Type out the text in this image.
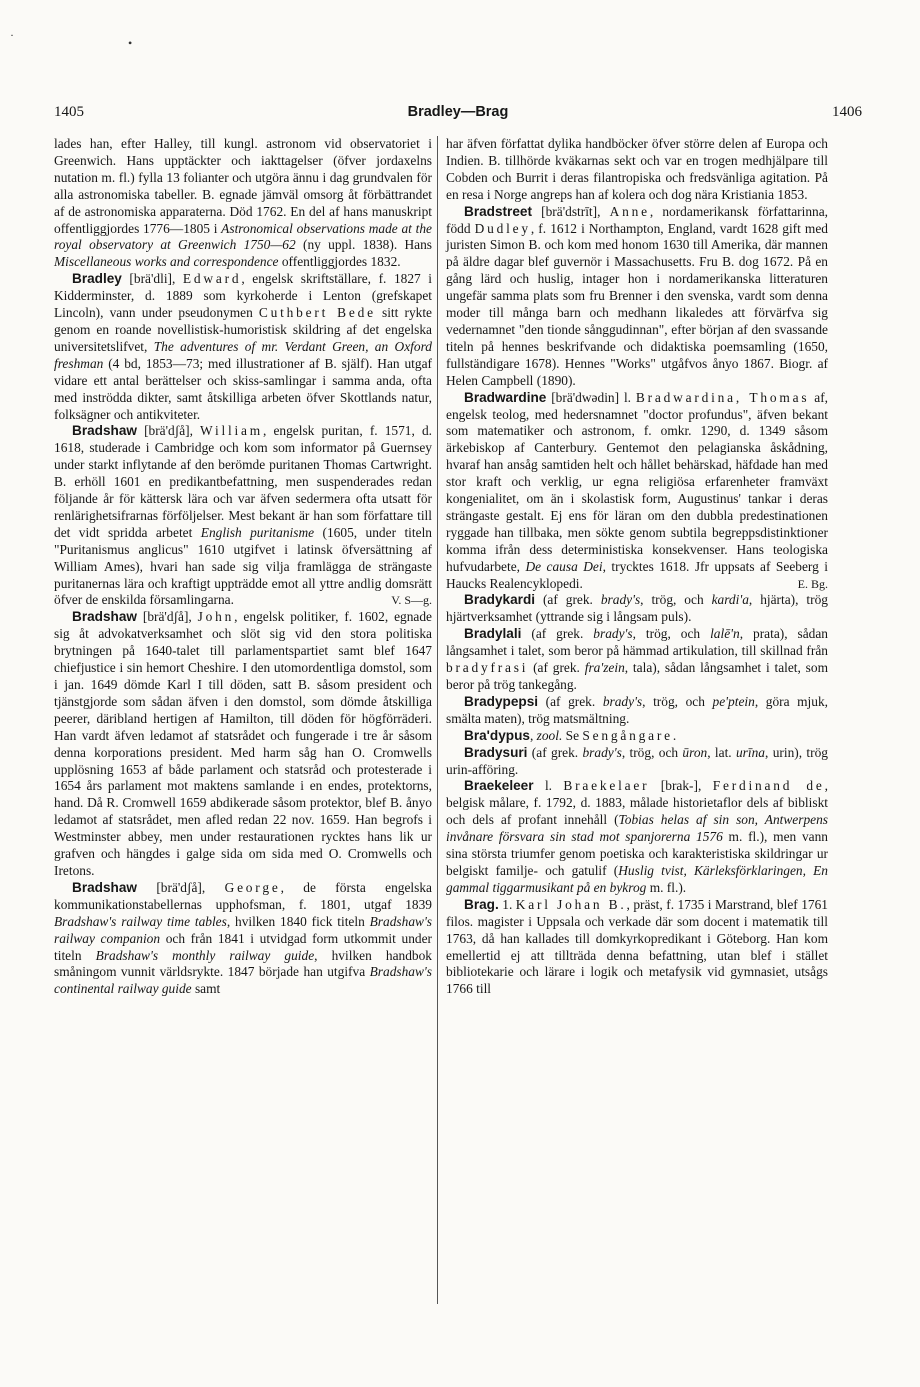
·
•
1405	Bradley—Brag	1406

lades han, efter Halley, till kungl. astronom vid observatoriet i Greenwich. Hans upptäckter och iakttagelser (öfver jordaxelns nutation m. fl.) fylla 13 folianter och utgöra ännu i dag grundvalen för alla astronomiska tabeller. B. egnade jämväl omsorg åt förbättrandet af de astronomiska apparaterna. Död 1762. En del af hans manuskript offentliggjordes 1776—1805 i Astronomical observations made at the royal observatory at Greenwich 1750—62 (ny uppl. 1838). Hans Miscellaneous works and correspondence offentliggjordes 1832.

Bradley [brä'dli], Edward, engelsk skriftställare, f. 1827 i Kidderminster, d. 1889 som kyrkoherde i Lenton (grefskapet Lincoln), vann under pseudonymen Cuthbert Bede sitt rykte genom en roande novellistisk-humoristisk skildring af det engelska universitetslifvet, The adventures of mr. Verdant Green, an Oxford freshman (4 bd, 1853—73; med illustrationer af B. själf). Han utgaf vidare ett antal berättelser och skiss-samlingar i samma anda, ofta med inströdda dikter, samt åtskilliga arbeten öfver Skottlands natur, folksägner och antikviteter.

Bradshaw [brä'dʃå], William, engelsk puritan, f. 1571, d. 1618, studerade i Cambridge och kom som informator på Guernsey under starkt inflytande af den berömde puritanen Thomas Cartwright. B. erhöll 1601 en predikantbefattning, men suspenderades redan följande år för kättersk lära och var äfven sedermera ofta utsatt för renlärighetsifrarnas förföljelser. Mest bekant är han som författare till det vidt spridda arbetet English puritanisme (1605, under titeln "Puritanismus anglicus" 1610 utgifvet i latinsk öfversättning af William Ames), hvari han sade sig vilja framlägga de strängaste puritanernas lära och kraftigt uppträdde emot all yttre andlig domsrätt öfver de enskilda församlingarna.	V. S—g.

Bradshaw [brä'dʃå], John, engelsk politiker, f. 1602, egnade sig åt advokatverksamhet och slöt sig vid den stora politiska brytningen på 1640-talet till parlamentspartiet samt blef 1647 chiefjustice i sin hemort Cheshire. I den utomordentliga domstol, som i jan. 1649 dömde Karl I till döden, satt B. såsom president och tjänstgjorde som sådan äfven i den domstol, som dömde åtskilliga peerer, däribland hertigen af Hamilton, till döden för högförräderi. Han vardt äfven ledamot af statsrådet och fungerade i tre år såsom denna korporations president. Med harm såg han O. Cromwells upplösning 1653 af både parlament och statsråd och protesterade i 1654 års parlament mot maktens samlande i en endes, protektorns, hand. Då R. Cromwell 1659 abdikerade såsom protektor, blef B. ånyo ledamot af statsrådet, men afled redan 22 nov. 1659. Han begrofs i Westminster abbey, men under restaurationen rycktes hans lik ur grafven och hängdes i galge sida om sida med O. Cromwells och Iretons.

Bradshaw [brä'dʃå], George, de första engelska kommunikationstabellernas upphofsman, f. 1801, utgaf 1839 Bradshaw's railway time tables, hvilken 1840 fick titeln Bradshaw's railway companion och från 1841 i utvidgad form utkommit under titeln Bradshaw's monthly railway guide, hvilken handbok småningom vunnit världsrykte. 1847 började han utgifva Bradshaw's continental railway guide samt

har äfven författat dylika handböcker öfver större delen af Europa och Indien. B. tillhörde kväkarnas sekt och var en trogen medhjälpare till Cobden och Burrit i deras filantropiska och fredsvänliga agitation. På en resa i Norge angreps han af kolera och dog nära Kristiania 1853.

Bradstreet [brä'dstrīt], Anne, nordamerikansk författarinna, född Dudley, f. 1612 i Northampton, England, vardt 1628 gift med juristen Simon B. och kom med honom 1630 till Amerika, där mannen på äldre dagar blef guvernör i Massachusetts. Fru B. dog 1672. På en gång lärd och huslig, intager hon i nordamerikanska litteraturen ungefär samma plats som fru Brenner i den svenska, vardt som denna moder till många barn och medhann likaledes att förvärfva sig vedernamnet "den tionde sånggudinnan", efter början af den svassande titeln på hennes beskrifvande och didaktiska poemsamling (1650, fullständigare 1678). Hennes "Works" utgåfvos ånyo 1867. Biogr. af Helen Campbell (1890).

Bradwardine [brä'dwədin] l. Bradwardina, Thomas af, engelsk teolog, med hedersnamnet "doctor profundus", äfven bekant som matematiker och astronom, f. omkr. 1290, d. 1349 såsom ärkebiskop af Canterbury. Gentemot den pelagianska åskådning, hvaraf han ansåg samtiden helt och hållet behärskad, häfdade han med stor kraft och verklig, ur egna religiösa erfarenheter framväxt kongenialitet, om än i skolastisk form, Augustinus' tankar i deras strängaste gestalt. Ej ens för läran om den dubbla predestinationen ryggade han tillbaka, men sökte genom subtila begreppsdistinktioner komma ifrån dess deterministiska konsekvenser. Hans teologiska hufvudarbete, De causa Dei, trycktes 1618. Jfr uppsats af Seeberg i Haucks Realencyklopedi.	E. Bg.

Bradykardi (af grek. brady's, trög, och kardi'a, hjärta), trög hjärtverksamhet (yttrande sig i långsam puls).

Bradylali (af grek. brady's, trög, och lalē'n, prata), sådan långsamhet i talet, som beror på hämmad artikulation, till skillnad från bradyfrasi (af grek. fra'zein, tala), sådan långsamhet i talet, som beror på trög tankegång.

Bradypepsi (af grek. brady's, trög, och pe'ptein, göra mjuk, smälta maten), trög matsmältning.

Bra'dypus, zool. Se Sengångare.

Bradysuri (af grek. brady's, trög, och ūron, lat. urīna, urin), trög urin-afföring.

Braekeleer l. Braekelaer [brak-], Ferdinand de, belgisk målare, f. 1792, d. 1883, målade historietaflor dels af bibliskt och dels af profant innehåll (Tobias helas af sin son, Antwerpens invånare försvara sin stad mot spanjorerna 1576 m. fl.), men vann sina största triumfer genom poetiska och karakteristiska skildringar ur belgiskt familje- och gatulif (Huslig tvist, Kärleksförklaringen, En gammal tiggarmusikant på en bykrog m. fl.).

Brag. 1. Karl Johan B., präst, f. 1735 i Marstrand, blef 1761 filos. magister i Uppsala och verkade där som docent i matematik till 1763, då han kallades till domkyrkopredikant i Göteborg. Han kom emellertid ej att tillträda denna befattning, utan blef i stället bibliotekarie och lärare i logik och metafysik vid gymnasiet, utsågs 1766 till
